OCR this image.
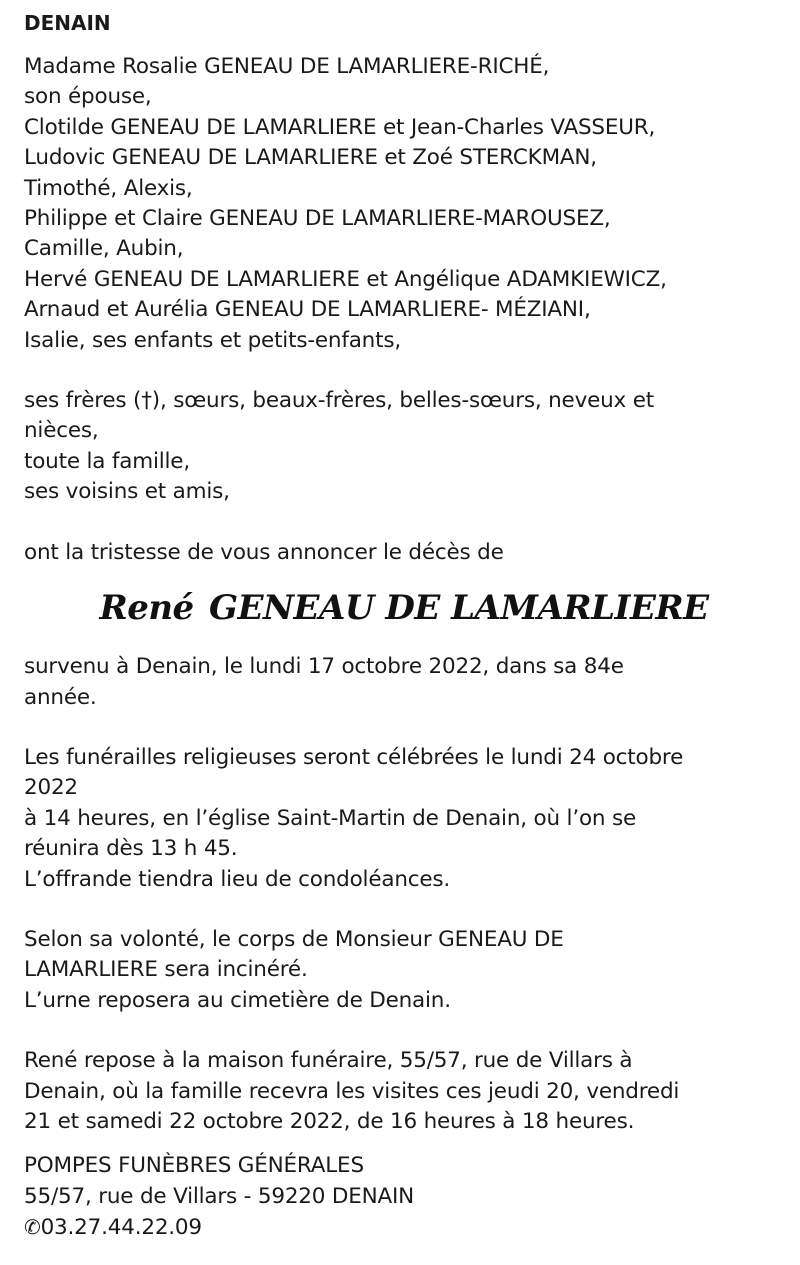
DENAIN

Madame Rosalie GENEAU DE LAMARLIERE-RICHÉ,
son épouse,
Clotilde GENEAU DE LAMARLIERE et Jean-Charles VASSEUR,
Ludovic GENEAU DE LAMARLIERE et Zoé STERCKMAN,
Timothé, Alexis,
Philippe et Claire GENEAU DE LAMARLIERE-MAROUSEZ,
Camille, Aubin,
Hervé GENEAU DE LAMARLIERE et Angélique ADAMKIEWICZ,
Arnaud et Aurélia GENEAU DE LAMARLIERE- MÉZIANI,
Isalie, ses enfants et petits-enfants,

ses frères (†), sœurs, beaux-frères, belles-sœurs, neveux et
nièces,
toute la famille,
ses voisins et amis,

ont la tristesse de vous annoncer le décès de

René GENEAU DE LAMARLIERE

survenu à Denain, le lundi 17 octobre 2022, dans sa 84e
année.

Les funérailles religieuses seront célébrées le lundi 24 octobre
2022
à 14 heures, en l’église Saint-Martin de Denain, où l’on se
réunira dès 13 h 45.
L’offrande tiendra lieu de condoléances.

Selon sa volonté, le corps de Monsieur GENEAU DE
LAMARLIERE sera incinéré.
L’urne reposera au cimetière de Denain.

René repose à la maison funéraire, 55/57, rue de Villars à
Denain, où la famille recevra les visites ces jeudi 20, vendredi
21 et samedi 22 octobre 2022, de 16 heures à 18 heures.

POMPES FUNÈBRES GÉNÉRALES
55/57, rue de Villars - 59220 DENAIN
✆03.27.44.22.09
